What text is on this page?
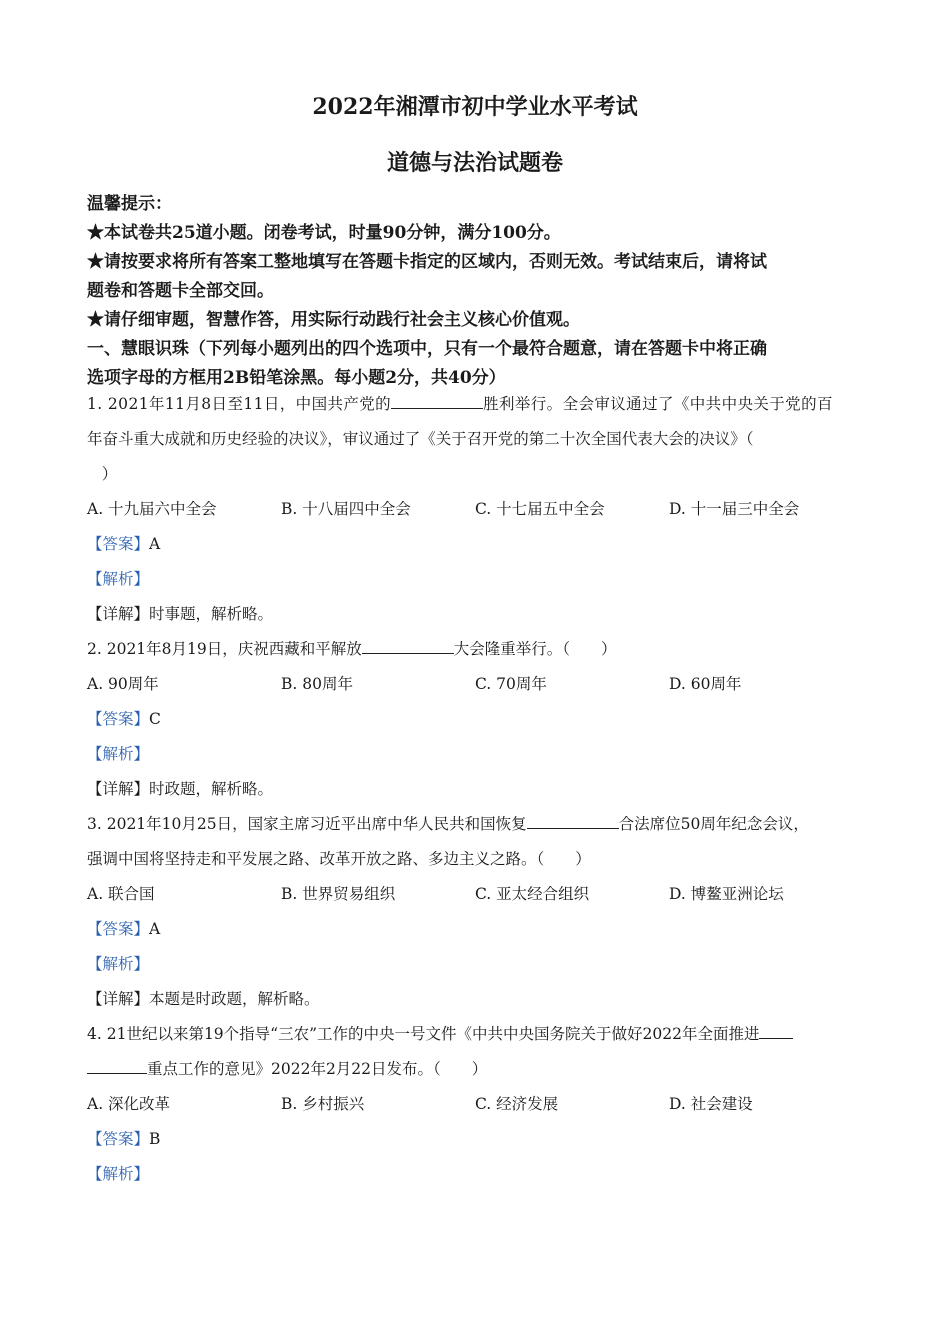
2022年湘潭市初中学业水平考试
道德与法治试题卷
温馨提示：
★本试卷共25道小题。闭卷考试，时量90分钟，满分100分。
★请按要求将所有答案工整地填写在答题卡指定的区域内，否则无效。考试结束后，请将试
题卷和答题卡全部交回。
★请仔细审题，智慧作答，用实际行动践行社会主义核心价值观。
一、慧眼识珠（下列每小题列出的四个选项中，只有一个最符合题意，请在答题卡中将正确
选项字母的方框用2B铅笔涂黑。每小题2分，共40分）
1. 2021年11月8日至11日，中国共产党的	胜利举行。全会审议通过了《中共中央关于党的百
年奋斗重大成就和历史经验的决议》，审议通过了《关于召开党的第二十次全国代表大会的决议》（
）
A. 十九届六中全会	B. 十八届四中全会	C. 十七届五中全会	D. 十一届三中全会
【答案】A
【解析】
【详解】时事题，解析略。
2. 2021年8月19日，庆祝西藏和平解放	大会隆重举行。（　　）
A. 90周年	B. 80周年	C. 70周年	D. 60周年
【答案】C
【解析】
【详解】时政题，解析略。
3. 2021年10月25日，国家主席习近平出席中华人民共和国恢复	合法席位50周年纪念会议，
强调中国将坚持走和平发展之路、改革开放之路、多边主义之路。（　　）
A. 联合国	B. 世界贸易组织	C. 亚太经合组织	D. 博鳌亚洲论坛
【答案】A
【解析】
【详解】本题是时政题，解析略。
4. 21世纪以来第19个指导“三农”工作的中央一号文件《中共中央国务院关于做好2022年全面推进
重点工作的意见》2022年2月22日发布。（　　）
A. 深化改革	B. 乡村振兴	C. 经济发展	D. 社会建设
【答案】B
【解析】
